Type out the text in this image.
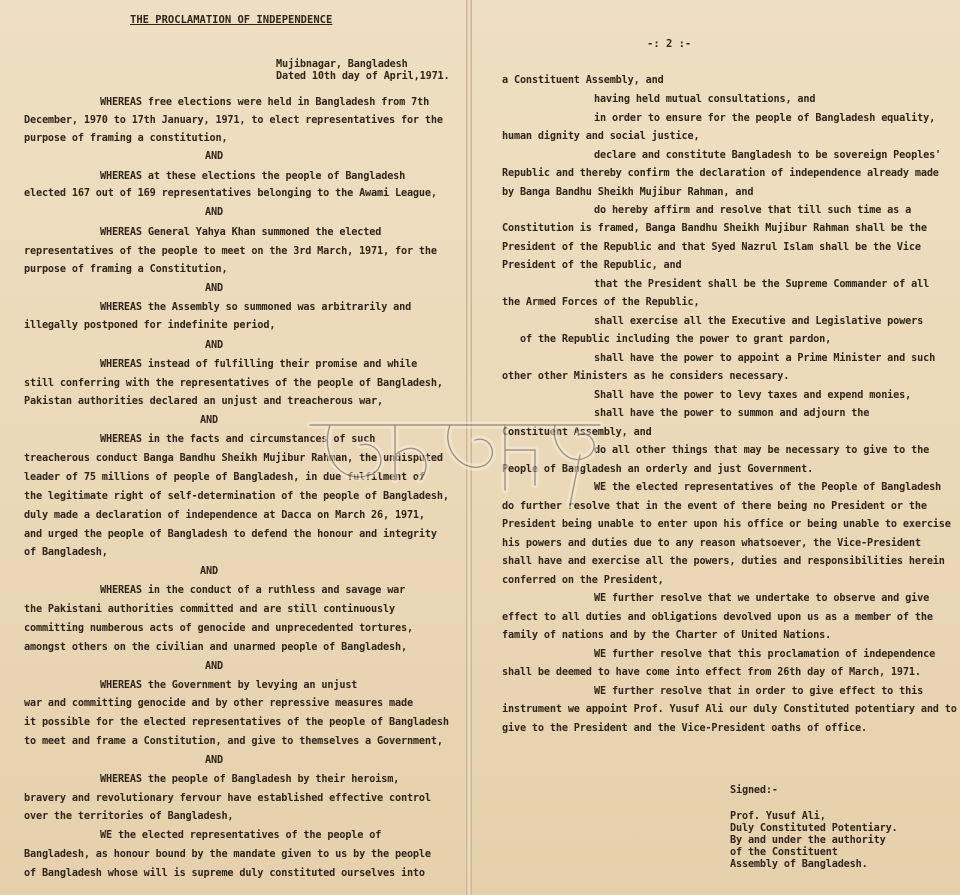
THE PROCLAMATION OF INDEPENDENCE
Mujibnagar, Bangladesh
Dated 10th day of April,1971.
WHEREAS free elections were held in Bangladesh from 7th
December, 1970 to 17th January, 1971, to elect representatives for the
purpose of framing a constitution,
AND
WHEREAS at these elections the people of Bangladesh
elected 167 out of 169 representatives belonging to the Awami League,
AND
WHEREAS General Yahya Khan summoned the elected
representatives of the people to meet on the 3rd March, 1971, for the
purpose of framing a Constitution,
AND
WHEREAS the Assembly so summoned was arbitrarily and
illegally postponed for indefinite period,
AND
WHEREAS instead of fulfilling their promise and while
still conferring with the representatives of the people of Bangladesh,
Pakistan authorities declared an unjust and treacherous war,
AND
WHEREAS in the facts and circumstances of such
treacherous conduct Banga Bandhu Sheikh Mujibur Rahman, the undisputed
leader of 75 millions of people of Bangladesh, in due fulfilment of
the legitimate right of self-determination of the people of Bangladesh,
duly made a declaration of independence at Dacca on March 26, 1971,
and urged the people of Bangladesh to defend the honour and integrity
of Bangladesh,
AND
WHEREAS in the conduct of a ruthless and savage war
the Pakistani authorities committed and are still continuously
committing numberous acts of genocide and unprecedented tortures,
amongst others on the civilian and unarmed people of Bangladesh,
AND
WHEREAS the Government by levying an unjust
war and committing genocide and by other repressive measures made
it possible for the elected representatives of the people of Bangladesh
to meet and frame a Constitution, and give to themselves a Government,
AND
WHEREAS the people of Bangladesh by their heroism,
bravery and revolutionary fervour have established effective control
over the territories of Bangladesh,
WE the elected representatives of the people of
Bangladesh, as honour bound by the mandate given to us by the people
of Bangladesh whose will is supreme duly constituted ourselves into
-: 2 :-
a Constituent Assembly, and
having held mutual consultations, and
in order to ensure for the people of Bangladesh equality,
human dignity and social justice,
declare and constitute Bangladesh to be sovereign Peoples'
Republic and thereby confirm the declaration of independence already made
by Banga Bandhu Sheikh Mujibur Rahman, and
do hereby affirm and resolve that till such time as a
Constitution is framed, Banga Bandhu Sheikh Mujibur Rahman shall be the
President of the Republic and that Syed Nazrul Islam shall be the Vice
President of the Republic, and
that the President shall be the Supreme Commander of all
the Armed Forces of the Republic,
shall exercise all the Executive and Legislative powers
of the Republic including the power to grant pardon,
shall have the power to appoint a Prime Minister and such
other other Ministers as he considers necessary.
Shall have the power to levy taxes and expend monies,
shall have the power to summon and adjourn the
Constituent Assembly, and
do all other things that may be necessary to give to the
People of Bangladesh an orderly and just Government.
WE the elected representatives of the People of Bangladesh
do further resolve that in the event of there being no President or the
President being unable to enter upon his office or being unable to exercise
his powers and duties due to any reason whatsoever, the Vice-President
shall have and exercise all the powers, duties and responsibilities herein
conferred on the President,
WE further resolve that we undertake to observe and give
effect to all duties and obligations devolved upon us as a member of the
family of nations and by the Charter of United Nations.
WE further resolve that this proclamation of independence
shall be deemed to have come into effect from 26th day of March, 1971.
WE further resolve that in order to give effect to this
instrument we appoint Prof. Yusuf Ali our duly Constituted potentiary and to
give to the President and the Vice-President oaths of office.
Signed:-
Prof. Yusuf Ali,
Duly Constituted Potentiary.
By and under the authority
of the Constituent
Assembly of Bangladesh.
